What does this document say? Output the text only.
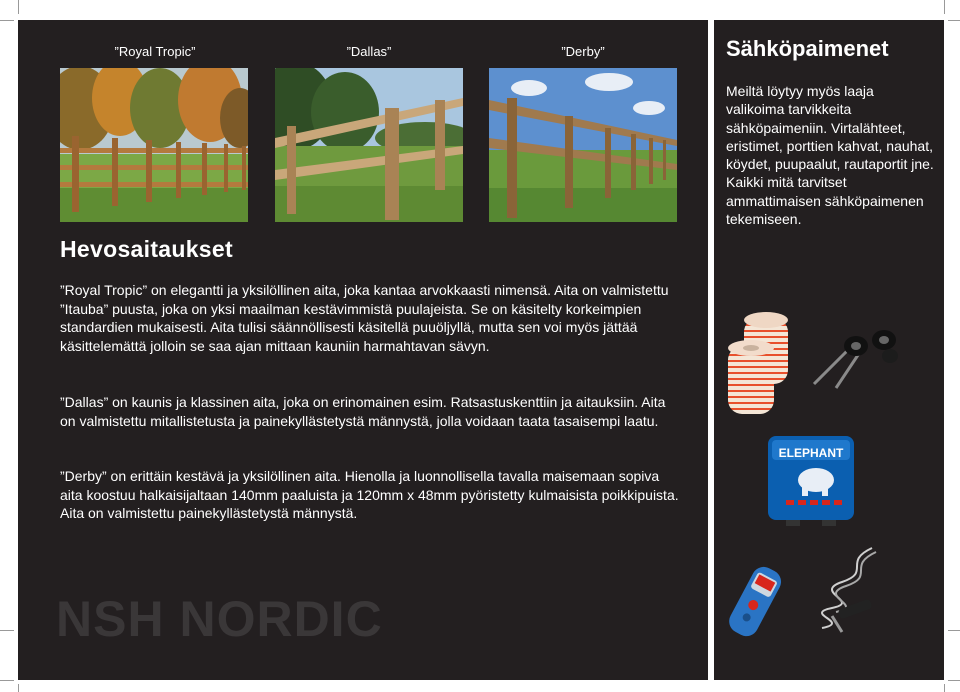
”Royal Tropic”	”Dallas”	”Derby”
Hevosaitaukset

”Royal Tropic” on elegantti ja yksilöllinen aita, joka kantaa arvokkaasti nimensä. Aita on valmistettu ”Itauba” puusta, joka on yksi maailman kestävimmistä puulajeista. Se on käsitelty korkeimpien standardien mukaisesti. Aita tulisi säännöllisesti käsitellä puuöljyllä, mutta sen voi myös jättää käsittelemättä jolloin se saa ajan mittaan kauniin harmahtavan sävyn.

”Dallas” on kaunis ja klassinen aita, joka on erinomainen esim. Ratsastuskenttiin ja aitauksiin. Aita on valmistettu mitallistetusta ja painekyllästetystä männystä, jolla voidaan taata tasaisempi laatu.

”Derby” on erittäin kestävä ja yksilöllinen aita. Hienolla ja luonnollisella tavalla maisemaan sopiva aita koostuu halkaisijaltaan 140mm paaluista ja 120mm x 48mm pyöristetty kulmaisista poikkipuista. Aita on valmistettu painekyllästetystä männystä.

NSH NORDIC
Sähköpaimenet

Meiltä löytyy myös laaja valikoima tarvikkeita sähköpaimeniin. Virtalähteet, eristimet, porttien kahvat, nauhat, köydet, puupaalut, rautaportit jne. Kaikki mitä tarvitset ammattimaisen sähköpaimenen tekemiseen.

ELEPHANT
